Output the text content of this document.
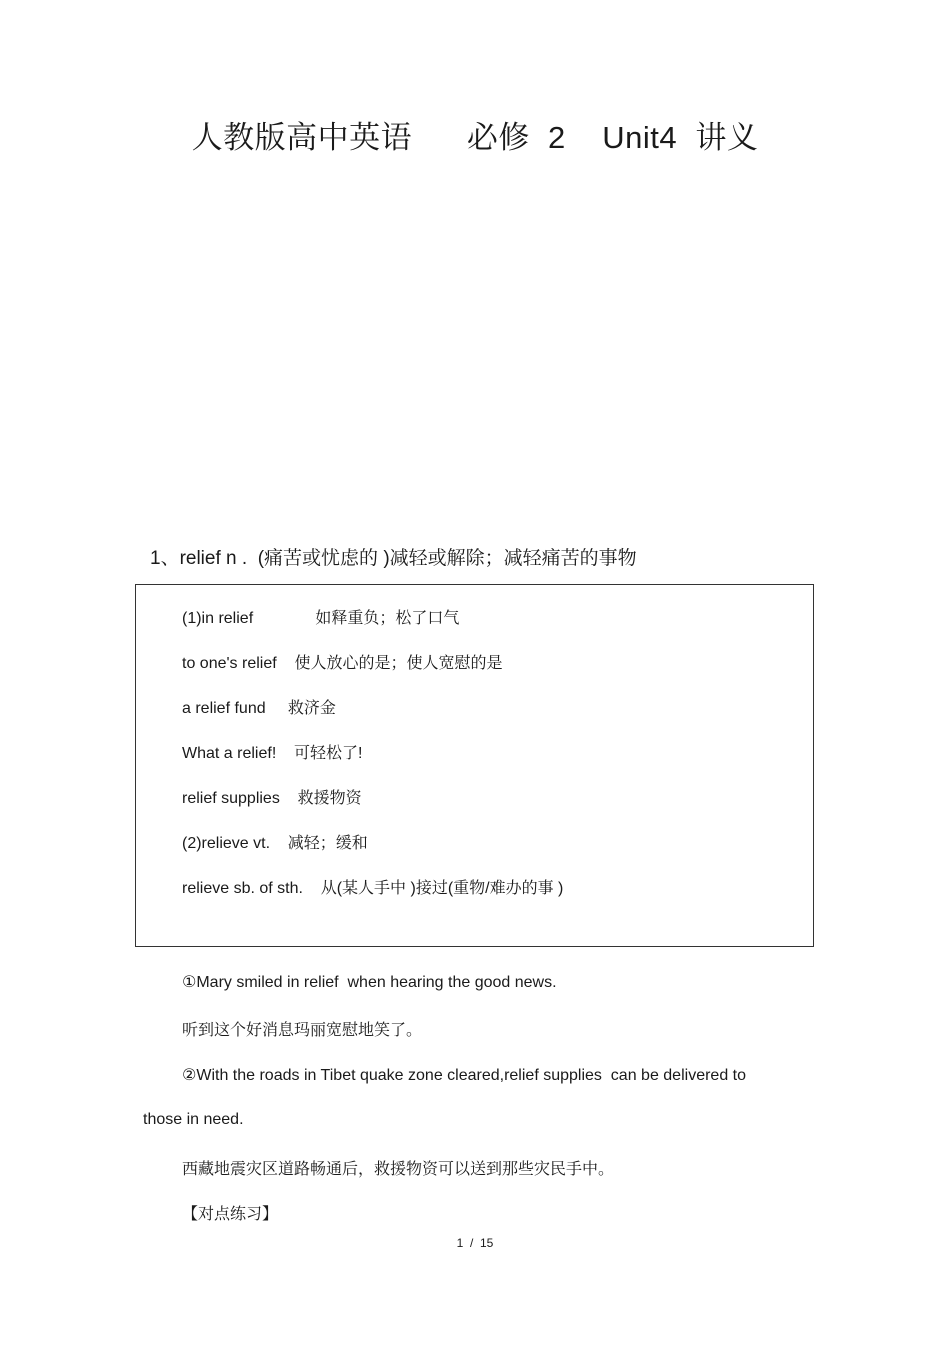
人教版高中英语      必修  2    Unit4  讲义
1、relief n .  (痛苦或忧虑的 )减轻或解除；减轻痛苦的事物
(1)in relief              如释重负；松了口气
to one's relief    使人放心的是；使人宽慰的是
a relief fund     救济金
What a relief!    可轻松了!
relief supplies    救援物资
(2)relieve vt.    减轻；缓和
relieve sb. of sth.    从(某人手中 )接过(重物/难办的事 )
①Mary smiled in relief  when hearing the good news.
听到这个好消息玛丽宽慰地笑了。
②With the roads in Tibet quake zone cleared,relief supplies  can be delivered to
those in need.
西藏地震灾区道路畅通后，救援物资可以送到那些灾民手中。
【对点练习】
1  /  15
